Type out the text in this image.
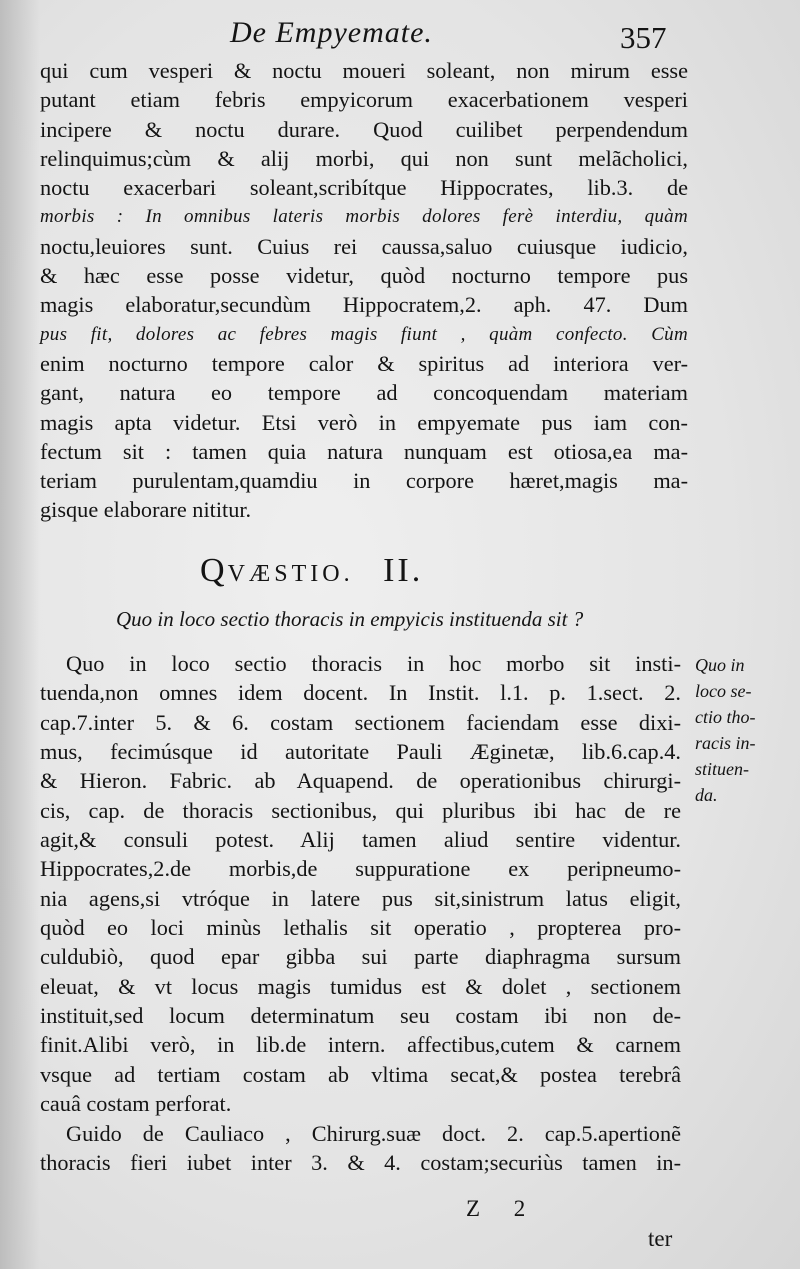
De Empyemate.	357
qui cum vesperi & noctu moueri soleant, non mirum esse
putant etiam febris empyicorum exacerbationem vesperi
incipere & noctu durare. Quod cuilibet perpendendum
relinquimus;cùm & alij morbi, qui non sunt melãcholici,
noctu exacerbari soleant,scribítque Hippocrates, lib.3. de
morbis : In omnibus lateris morbis dolores ferè interdiu, quàm
noctu,leuiores sunt. Cuius rei caussa,saluo cuiusque iudicio,
& hæc esse posse videtur, quòd nocturno tempore pus
magis elaboratur,secundùm Hippocratem,2. aph. 47. Dum
pus fit, dolores ac febres magis fiunt , quàm confecto. Cùm
enim nocturno tempore calor & spiritus ad interiora ver-
gant, natura eo tempore ad concoquendam materiam
magis apta videtur. Etsi verò in empyemate pus iam con-
fectum sit : tamen quia natura nunquam est otiosa,ea ma-
teriam purulentam,quamdiu in corpore hæret,magis ma-
gisque elaborare nititur.
QVÆSTIO. II.
Quo in loco sectio thoracis in empyicis instituenda sit ?
Quo in loco sectio thoracis in hoc morbo sit insti-
tuenda,non omnes idem docent. In Instit. l.1. p. 1.sect. 2.
cap.7.inter 5. & 6. costam sectionem faciendam esse dixi-
mus, fecimúsque id autoritate Pauli Æginetæ, lib.6.cap.4.
& Hieron. Fabric. ab Aquapend. de operationibus chirurgi-
cis, cap. de thoracis sectionibus, qui pluribus ibi hac de re
agit,& consuli potest. Alij tamen aliud sentire videntur.
Hippocrates,2.de morbis,de suppuratione ex peripneumo-
nia agens,si vtróque in latere pus sit,sinistrum latus eligit,
quòd eo loci minùs lethalis sit operatio , propterea pro-
culdubiò, quod epar gibba sui parte diaphragma sursum
eleuat, & vt locus magis tumidus est & dolet , sectionem
instituit,sed locum determinatum seu costam ibi non de-
finit.Alibi verò, in lib.de intern. affectibus,cutem & carnem
vsque ad tertiam costam ab vltima secat,& postea terebrâ
cauâ costam perforat.
Guido de Cauliaco , Chirurg.suæ doct. 2. cap.5.apertionẽ
thoracis fieri iubet inter 3. & 4. costam;securiùs tamen in-
Quo in
loco se-
ctio tho-
racis in-
stituen-
da.
Z 2
ter
